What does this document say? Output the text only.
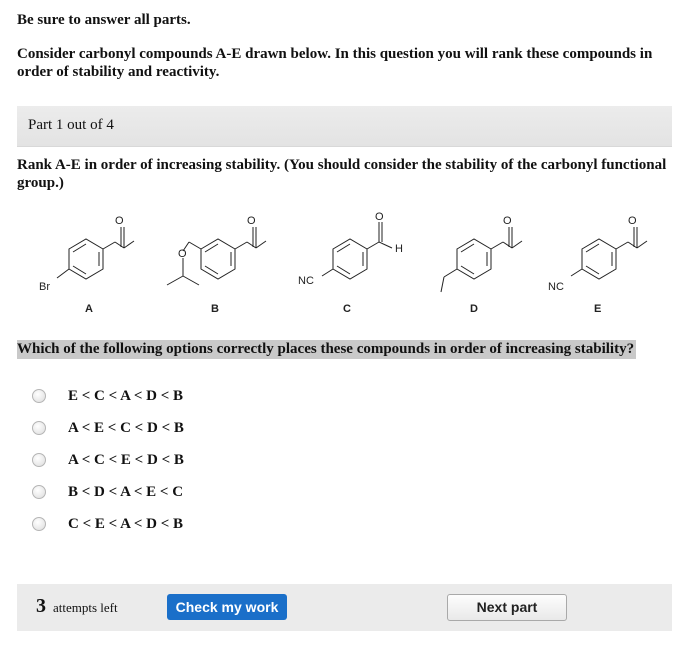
Be sure to answer all parts.
Consider carbonyl compounds A-E drawn below. In this question you will rank these compounds in order of stability and reactivity.
Part 1 out of 4
Rank A-E in order of increasing stability. (You should consider the stability of the carbonyl functional group.)
O
Br
O
O
O
H
NC
O	O
NC
A	B	C	D	E
Which of the following options correctly places these compounds in order of increasing stability?
E < C < A < D < B
A < E < C < D < B
A < C < E < D < B
B < D < A < E < C
C < E < A < D < B
3 attempts left	Check my work	Next part
